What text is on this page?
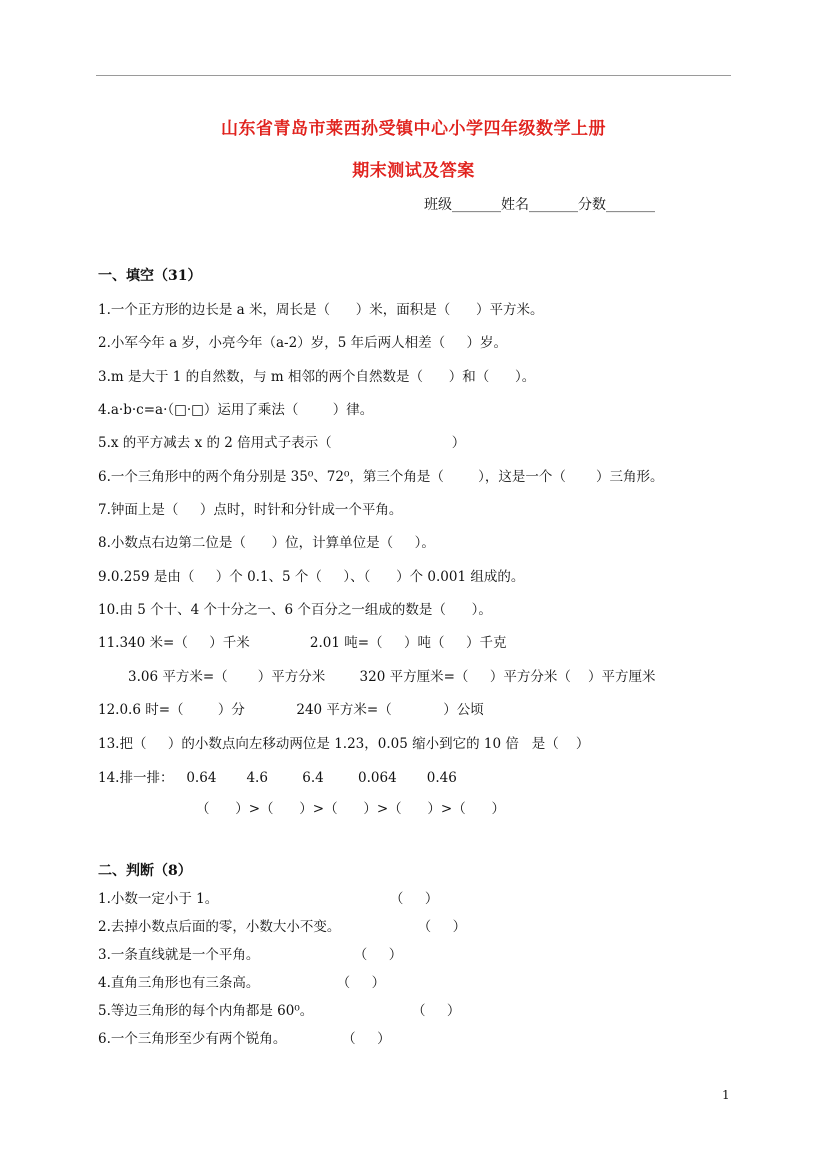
山东省青岛市莱西孙受镇中心小学四年级数学上册
期末测试及答案
班级_______姓名_______分数_______
一、填空（31）
1.一个正方形的边长是 a 米，周长是（      ）米，面积是（      ）平方米。
2.小军今年 a 岁，小亮今年（a-2）岁，5 年后两人相差（     ）岁。
3.m 是大于 1 的自然数，与 m 相邻的两个自然数是（      ）和（      ）。
4.a·b·c=a·（□·□）运用了乘法（        ）律。
5.x 的平方减去 x 的 2 倍用式子表示（                            ）
6.一个三角形中的两个角分别是 35⁰、72⁰，第三个角是（        ），这是一个（       ）三角形。
7.钟面上是（     ）点时，时针和分针成一个平角。
8.小数点右边第二位是（      ）位，计算单位是（     ）。
9.0.259 是由（     ）个 0.1、5 个（     ）、（      ）个 0.001 组成的。
10.由 5 个十、4 个十分之一、6 个百分之一组成的数是（      ）。
11.340 米=（     ）千米              2.01 吨=（     ）吨（     ）千克
3.06 平方米=（       ）平方分米        320 平方厘米=（     ）平方分米（    ）平方厘米
12.0.6 时=（        ）分            240 平方米=（            ）公顷
13.把（     ）的小数点向左移动两位是 1.23，0.05 缩小到它的 10 倍   是（    ）
14.排一排：   0.64       4.6        6.4        0.064       0.46
（      ）>（      ）>（      ）>（      ）>（      ）
二、判断（8）
1.小数一定小于 1。                                        （     ）
2.去掉小数点后面的零，小数大小不变。                  （     ）
3.一条直线就是一个平角。                      （     ）
4.直角三角形也有三条高。                  （     ）
5.等边三角形的每个内角都是 60⁰。                       （     ）
6.一个三角形至少有两个锐角。             （     ）
1
